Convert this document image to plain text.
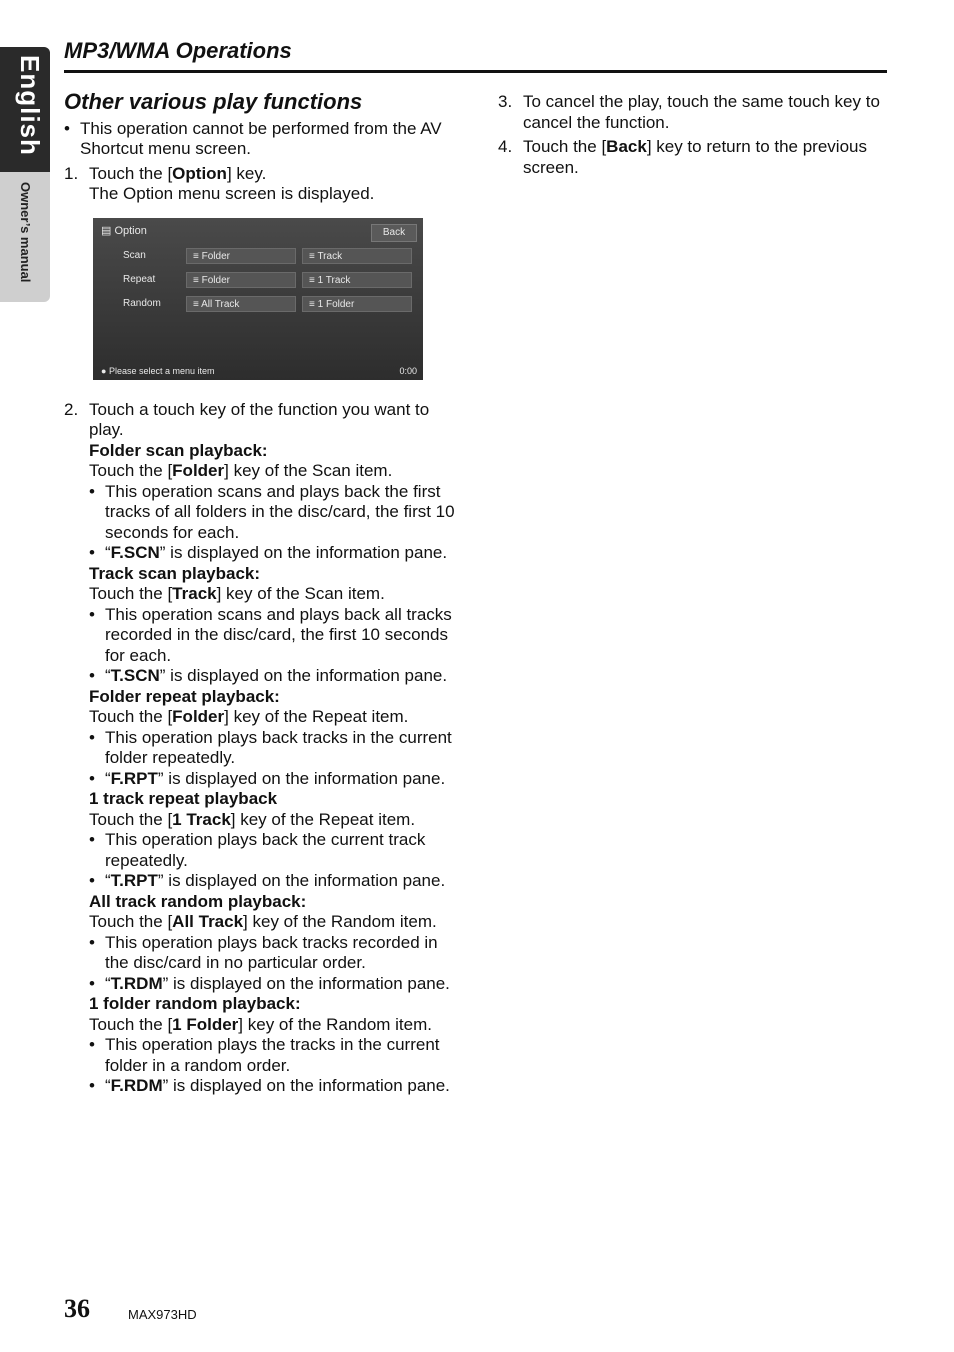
English
Owner’s manual
MP3/WMA Operations
Other various play functions
• This operation cannot be performed from the AV Shortcut menu screen.
1. Touch the [Option] key.
The Option menu screen is displayed.
▤ Option	Back
Scan	≡ Folder	≡ Track
Repeat	≡ Folder	≡ 1 Track
Random	≡ All Track	≡ 1 Folder
● Please select a menu item	0:00
2. Touch a touch key of the function you want to play.
Folder scan playback:
Touch the [Folder] key of the Scan item.
• This operation scans and plays back the first tracks of all folders in the disc/card, the first 10 seconds for each.
• “F.SCN” is displayed on the information pane.
Track scan playback:
Touch the [Track] key of the Scan item.
• This operation scans and plays back all tracks recorded in the disc/card, the first 10 seconds for each.
• “T.SCN” is displayed on the information pane.
Folder repeat playback:
Touch the [Folder] key of the Repeat item.
• This operation plays back tracks in the current folder repeatedly.
• “F.RPT” is displayed on the information pane.
1 track repeat playback
Touch the [1 Track] key of the Repeat item.
• This operation plays back the current track repeatedly.
• “T.RPT” is displayed on the information pane.
All track random playback:
Touch the [All Track] key of the Random item.
• This operation plays back tracks recorded in the disc/card in no particular order.
• “T.RDM” is displayed on the information pane.
1 folder random playback:
Touch the [1 Folder] key of the Random item.
• This operation plays the tracks in the current folder in a random order.
• “F.RDM” is displayed on the information pane.
3. To cancel the play, touch the same touch key to cancel the function.
4. Touch the [Back] key to return to the previous screen.
36	MAX973HD
